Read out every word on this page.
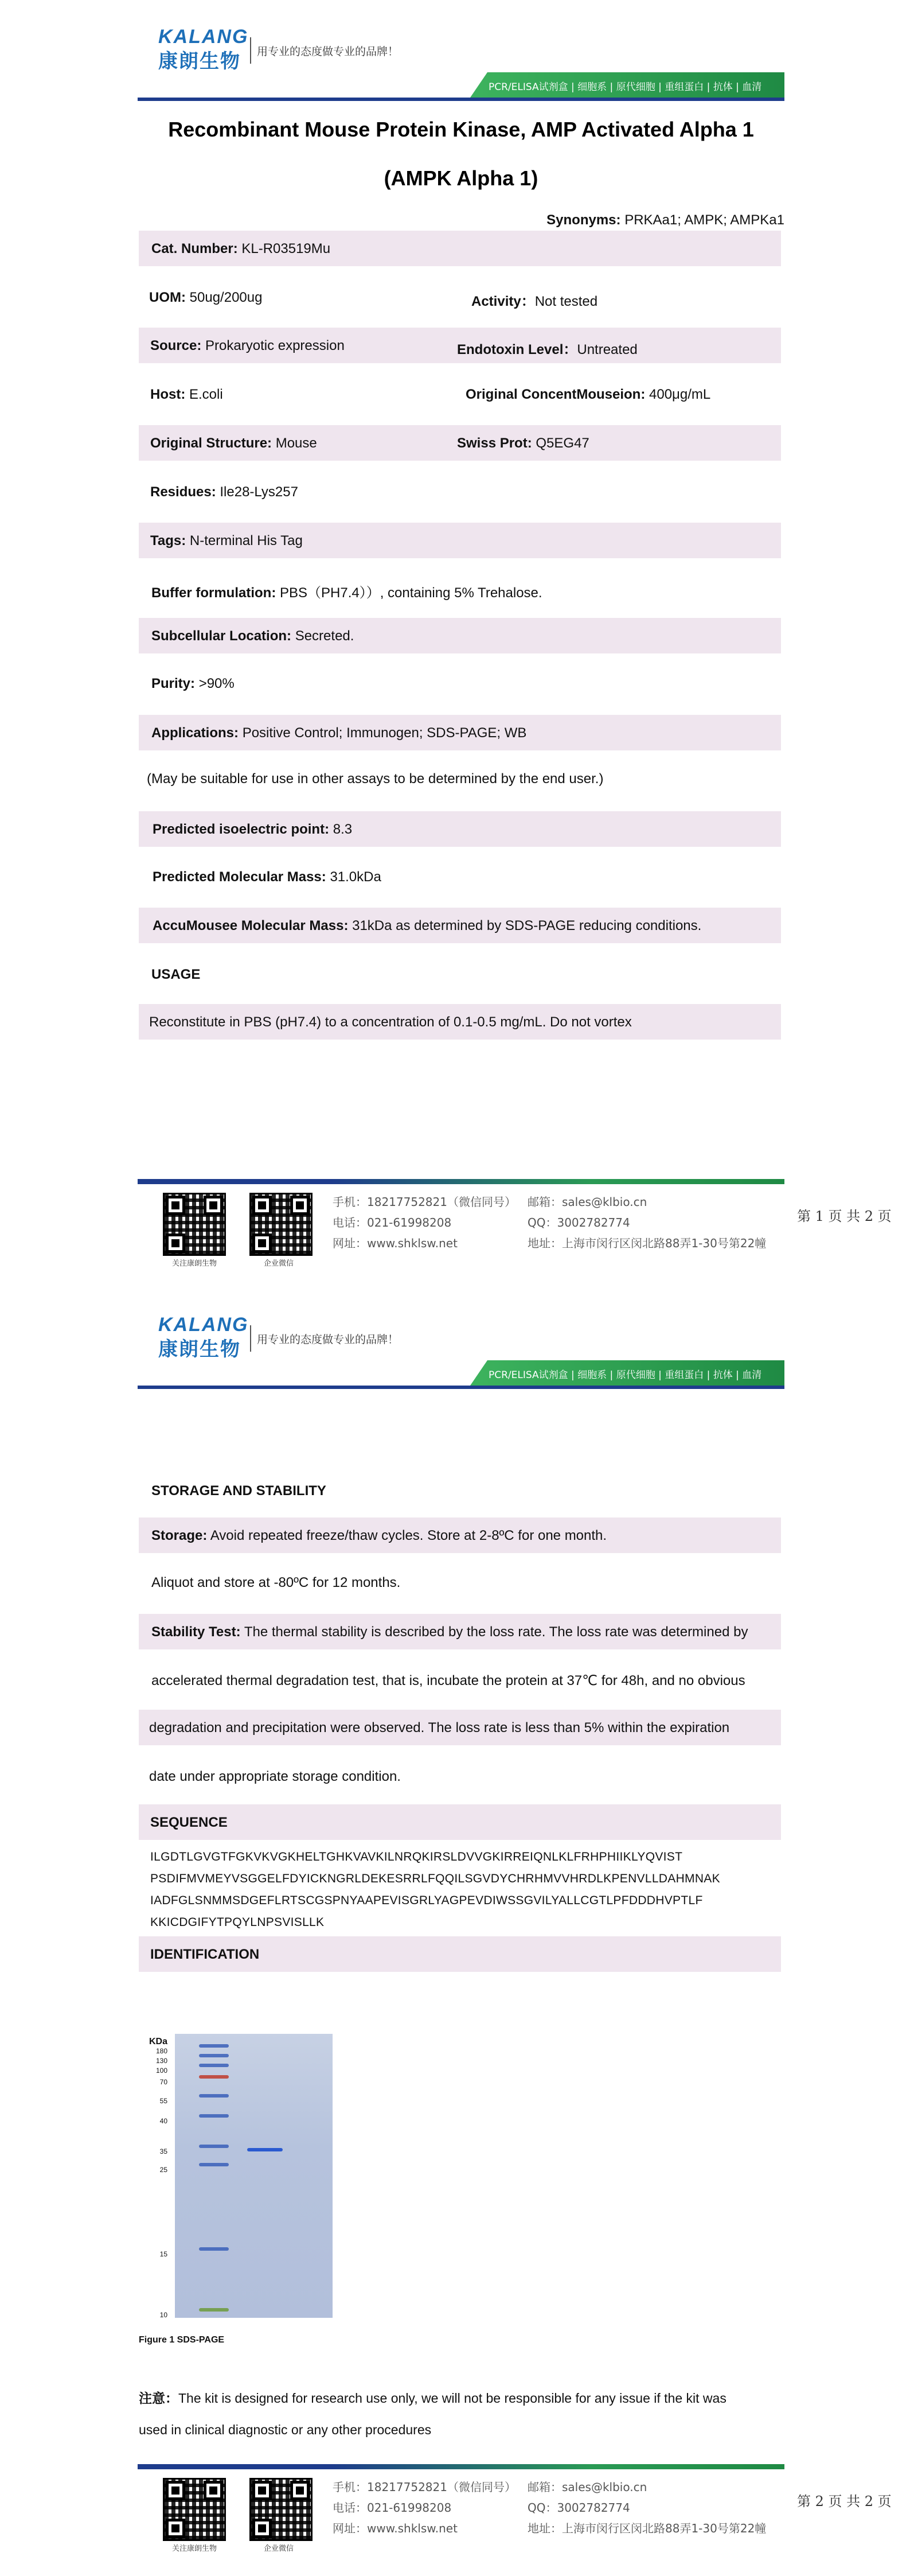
KALANG
康朗生物 用专业的态度做专业的品牌！
PCR/ELISA试剂盒 | 细胞系 | 原代细胞 | 重组蛋白 | 抗体 | 血清
Recombinant Mouse Protein Kinase, AMP Activated Alpha 1
(AMPK Alpha 1)
Synonyms: PRKAa1; AMPK; AMPKa1
Cat. Number: KL-R03519Mu
UOM: 50ug/200ug	Activity：Not tested
Source: Prokaryotic expression	Endotoxin Level：Untreated
Host: E.coli	Original ConcentMouseion: 400μg/mL
Original Structure: Mouse	Swiss Prot: Q5EG47
Residues: Ile28-Lys257
Tags: N-terminal His Tag
Buffer formulation: PBS（PH7.4））, containing 5% Trehalose.
Subcellular Location: Secreted.
Purity: >90%
Applications: Positive Control; Immunogen; SDS-PAGE; WB
(May be suitable for use in other assays to be determined by the end user.)
Predicted isoelectric point: 8.3
Predicted Molecular Mass: 31.0kDa
AccuMousee Molecular Mass: 31kDa as determined by SDS-PAGE reducing conditions.
USAGE
Reconstitute in PBS (pH7.4) to a concentration of 0.1-0.5 mg/mL. Do not vortex
关注康朗生物	企业微信
手机：18217752821（微信同号）
电话：021-61998208
网址：www.shklsw.net
邮箱：sales@klbio.cn
QQ：3002782774
地址：上海市闵行区闵北路88弄1-30号第22幢
第 1 页 共 2 页
KALANG
康朗生物 用专业的态度做专业的品牌！
PCR/ELISA试剂盒 | 细胞系 | 原代细胞 | 重组蛋白 | 抗体 | 血清
STORAGE AND STABILITY
Storage: Avoid repeated freeze/thaw cycles. Store at 2-8ºC for one month.
Aliquot and store at -80ºC for 12 months.
Stability Test: The thermal stability is described by the loss rate. The loss rate was determined by
accelerated thermal degradation test, that is, incubate the protein at 37℃ for 48h, and no obvious
degradation and precipitation were observed. The loss rate is less than 5% within the expiration
date under appropriate storage condition.
SEQUENCE
ILGDTLGVGTFGKVKVGKHELTGHKVAVKILNRQKIRSLDVVGKIRREIQNLKLFRHPHIIKLYQVIST
PSDIFMVMEYVSGGELFDYICKNGRLDEKESRRLFQQILSGVDYCHRHMVVHRDLKPENVLLDAHMNAK
IADFGLSNMMSDGEFLRTSCGSPNYAAPEVISGRLYAGPEVDIWSSGVILYALLCGTLPFDDDHVPTLF
KKICDGIFYTPQYLNPSVISLLK
IDENTIFICATION
KDa
180
130
100
70
55
40
35
25
15
10
Figure 1 SDS-PAGE
注意：The kit is designed for research use only, we will not be responsible for any issue if the kit was
used in clinical diagnostic or any other procedures
关注康朗生物	企业微信
手机：18217752821（微信同号）
电话：021-61998208
网址：www.shklsw.net
邮箱：sales@klbio.cn
QQ：3002782774
地址：上海市闵行区闵北路88弄1-30号第22幢
第 2 页 共 2 页
